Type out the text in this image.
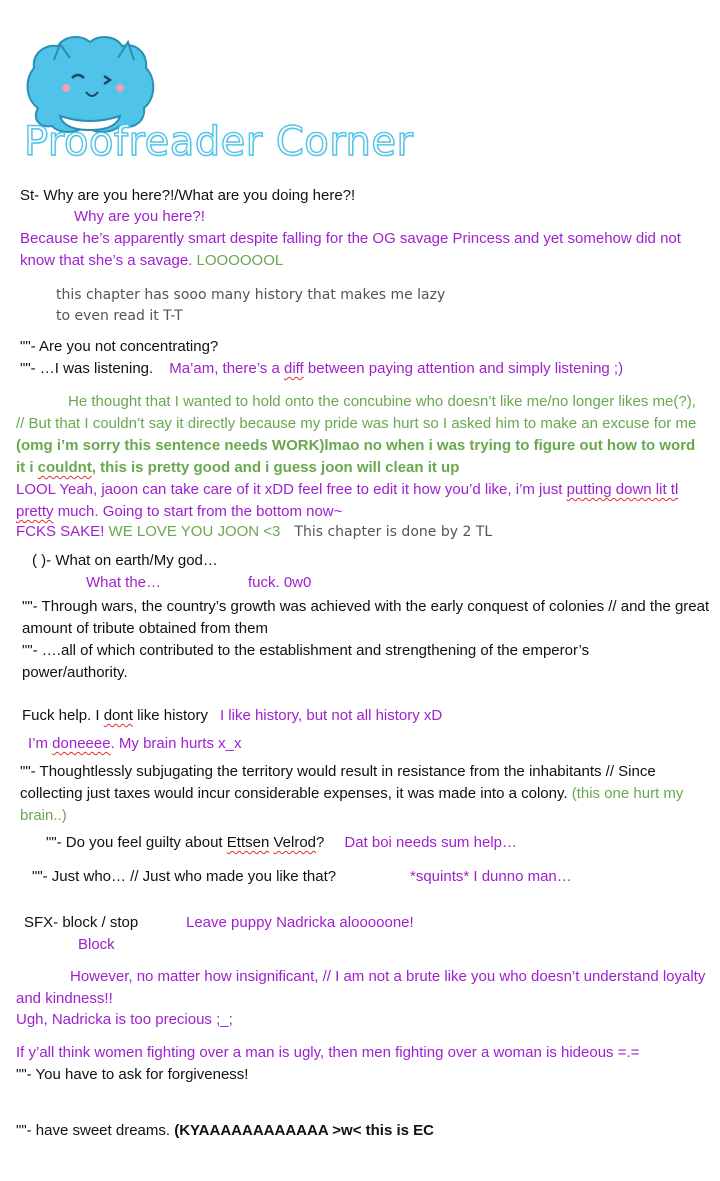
Proofreader Corner
St- Why are you here?!/What are you doing here?!
Why are you here?!
Because he’s apparently smart despite falling for the OG savage Princess and yet somehow did not know that she’s a savage. LOOOOOOL
this chapter has sooo many history that makes me lazy
to even read it T-T
""- Are you not concentrating?
""- …I was listening. Ma’am, there’s a diff between paying attention and simply listening ;)
He thought that I wanted to hold onto the concubine who doesn’t like me/no longer likes me(?), // But that I couldn’t say it directly because my pride was hurt so I asked him to make an excuse for me (omg i’m sorry this sentence needs WORK)lmao no when i was trying to figure out how to word it i couldnt, this is pretty good and i guess joon will clean it up
LOOL Yeah, jaoon can take care of it xDD feel free to edit it how you’d like, i’m just putting down lit tl pretty much. Going to start from the bottom now~
FCKS SAKE! WE LOVE YOU JOON <3 This chapter is done by 2 TL
( )- What on earth/My god…
What the…	fuck. 0w0
""- Through wars, the country’s growth was achieved with the early conquest of colonies // and the great amount of tribute obtained from them
""- ….all of which contributed to the establishment and strengthening of the emperor’s power/authority.
Fuck help. I dont like history I like history, but not all history xD
I’m doneeee. My brain hurts x_x
""- Thoughtlessly subjugating the territory would result in resistance from the inhabitants // Since collecting just taxes would incur considerable expenses, it was made into a colony. (this one hurt my brain..)
""- Do you feel guilty about Ettsen Velrod? Dat boi needs sum help…
""- Just who… // Just who made you like that?	*squints* I dunno man…
SFX- block / stop	Leave puppy Nadricka alooooone!
Block
However, no matter how insignificant, // I am not a brute like you who doesn’t understand loyalty and kindness!!
Ugh, Nadricka is too precious ;_;
If y’all think women fighting over a man is ugly, then men fighting over a woman is hideous =.=
""- You have to ask for forgiveness!
""- have sweet dreams. (KYAAAAAAAAAAAA >w< this is EC
